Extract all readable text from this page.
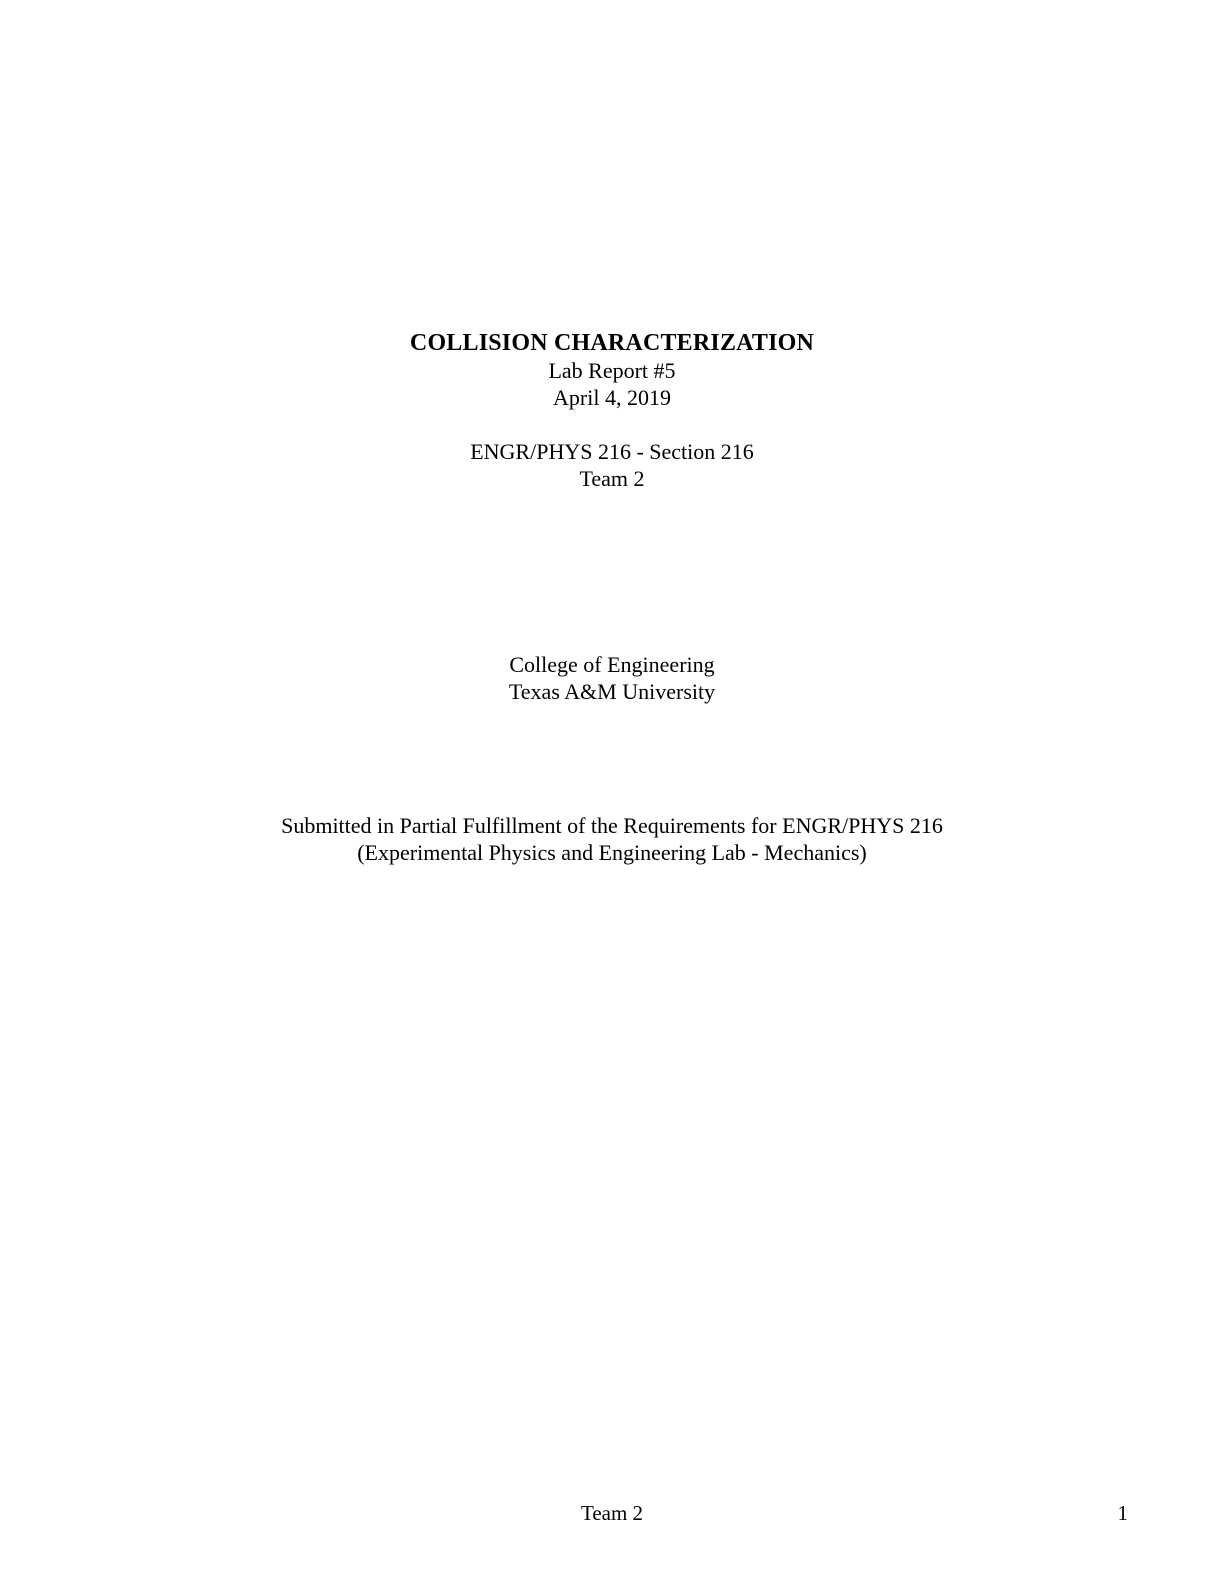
COLLISION CHARACTERIZATION

Lab Report #5

April 4, 2019

ENGR/PHYS 216 - Section 216

Team 2

College of Engineering

Texas A&M University

Submitted in Partial Fulfillment of the Requirements for ENGR/PHYS 216

(Experimental Physics and Engineering Lab - Mechanics)

Team 2	1
